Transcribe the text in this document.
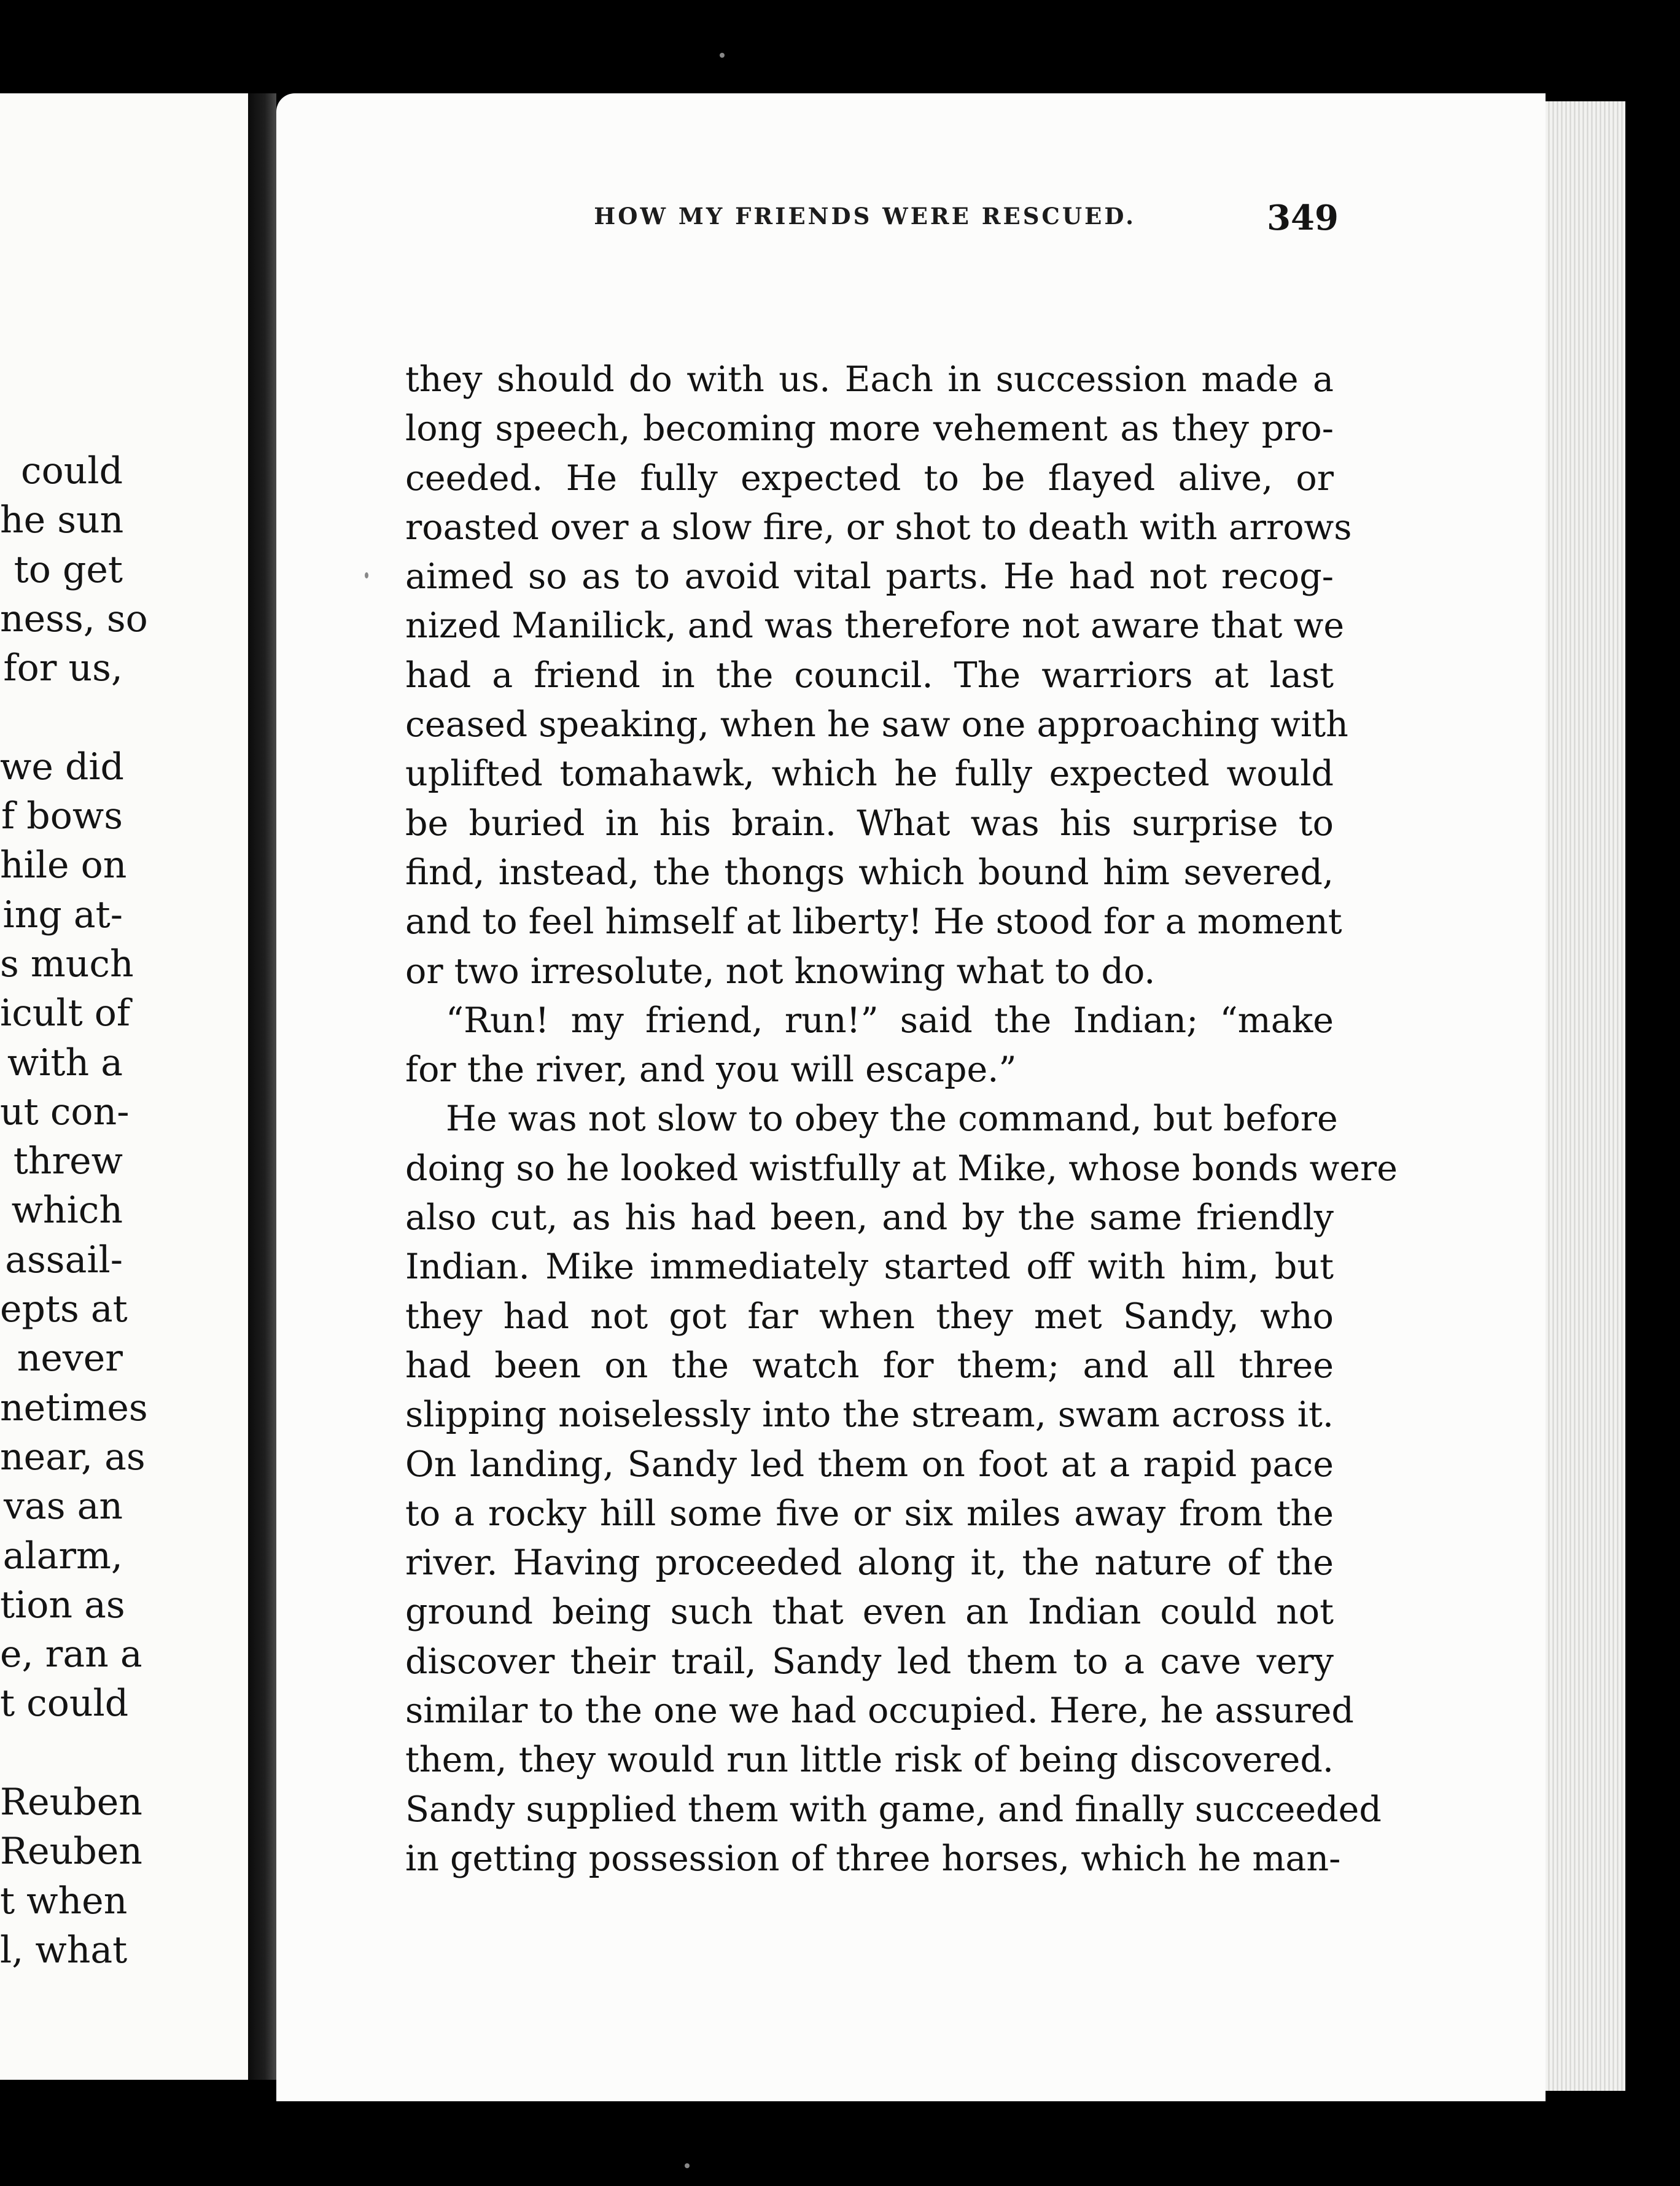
could
he sun
to get
ness, so
for us,
we did
f bows
hile on
ing at-
s much
icult of
with a
ut con-
threw
which
assail-
epts at
never
netimes
near, as
vas an
alarm,
tion as
e, ran a
t could
Reuben
Reuben
t when
l, what
HOW MY FRIENDS WERE RESCUED.	349
they should do with us. Each in succession made a
long speech, becoming more vehement as they pro-
ceeded. He fully expected to be flayed alive, or
roasted over a slow fire, or shot to death with arrows
aimed so as to avoid vital parts. He had not recog-
nized Manilick, and was therefore not aware that we
had a friend in the council. The warriors at last
ceased speaking, when he saw one approaching with
uplifted tomahawk, which he fully expected would
be buried in his brain. What was his surprise to
find, instead, the thongs which bound him severed,
and to feel himself at liberty! He stood for a moment
or two irresolute, not knowing what to do.
“Run! my friend, run!” said the Indian; “make
for the river, and you will escape.”
He was not slow to obey the command, but before
doing so he looked wistfully at Mike, whose bonds were
also cut, as his had been, and by the same friendly
Indian. Mike immediately started off with him, but
they had not got far when they met Sandy, who
had been on the watch for them; and all three
slipping noiselessly into the stream, swam across it.
On landing, Sandy led them on foot at a rapid pace
to a rocky hill some five or six miles away from the
river. Having proceeded along it, the nature of the
ground being such that even an Indian could not
discover their trail, Sandy led them to a cave very
similar to the one we had occupied. Here, he assured
them, they would run little risk of being discovered.
Sandy supplied them with game, and finally succeeded
in getting possession of three horses, which he man-
